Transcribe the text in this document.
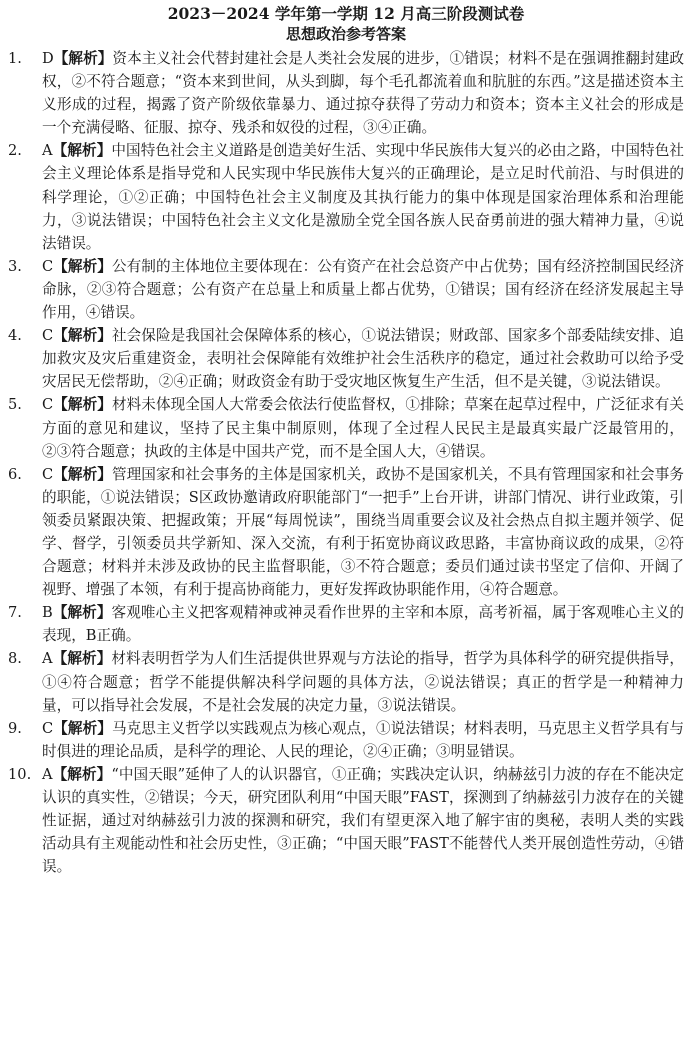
2023－2024 学年第一学期 12 月高三阶段测试卷
思想政治参考答案
1.	D【解析】资本主义社会代替封建社会是人类社会发展的进步，①错误；材料不是在强调推翻封建政权，②不符合题意；“资本来到世间，从头到脚，每个毛孔都流着血和肮脏的东西。”这是描述资本主义形成的过程，揭露了资产阶级依靠暴力、通过掠夺获得了劳动力和资本；资本主义社会的形成是一个充满侵略、征服、掠夺、残杀和奴役的过程，③④正确。
2.	A【解析】中国特色社会主义道路是创造美好生活、实现中华民族伟大复兴的必由之路，中国特色社会主义理论体系是指导党和人民实现中华民族伟大复兴的正确理论，是立足时代前沿、与时俱进的科学理论，①②正确；中国特色社会主义制度及其执行能力的集中体现是国家治理体系和治理能力，③说法错误；中国特色社会主义文化是激励全党全国各族人民奋勇前进的强大精神力量，④说法错误。
3.	C【解析】公有制的主体地位主要体现在：公有资产在社会总资产中占优势；国有经济控制国民经济命脉，②③符合题意；公有资产在总量上和质量上都占优势，①错误；国有经济在经济发展起主导作用，④错误。
4.	C【解析】社会保险是我国社会保障体系的核心，①说法错误；财政部、国家多个部委陆续安排、追加救灾及灾后重建资金，表明社会保障能有效维护社会生活秩序的稳定，通过社会救助可以给予受灾居民无偿帮助，②④正确；财政资金有助于受灾地区恢复生产生活，但不是关键，③说法错误。
5.	C【解析】材料未体现全国人大常委会依法行使监督权，①排除；草案在起草过程中，广泛征求有关方面的意见和建议，坚持了民主集中制原则，体现了全过程人民民主是最真实最广泛最管用的，②③符合题意；执政的主体是中国共产党，而不是全国人大，④错误。
6.	C【解析】管理国家和社会事务的主体是国家机关，政协不是国家机关，不具有管理国家和社会事务的职能，①说法错误；S区政协邀请政府职能部门“一把手”上台开讲，讲部门情况、讲行业政策，引领委员紧跟决策、把握政策；开展“每周悦读”，围绕当周重要会议及社会热点自拟主题并领学、促学、督学，引领委员共学新知、深入交流，有利于拓宽协商议政思路，丰富协商议政的成果，②符合题意；材料并未涉及政协的民主监督职能，③不符合题意；委员们通过读书坚定了信仰、开阔了视野、增强了本领，有利于提高协商能力，更好发挥政协职能作用，④符合题意。
7.	B【解析】客观唯心主义把客观精神或神灵看作世界的主宰和本原，高考祈福，属于客观唯心主义的表现，B正确。
8.	A【解析】材料表明哲学为人们生活提供世界观与方法论的指导，哲学为具体科学的研究提供指导，①④符合题意；哲学不能提供解决科学问题的具体方法，②说法错误；真正的哲学是一种精神力量，可以指导社会发展，不是社会发展的决定力量，③说法错误。
9.	C【解析】马克思主义哲学以实践观点为核心观点，①说法错误；材料表明，马克思主义哲学具有与时俱进的理论品质，是科学的理论、人民的理论，②④正确；③明显错误。
10. A【解析】“中国天眼”延伸了人的认识器官，①正确；实践决定认识，纳赫兹引力波的存在不能决定认识的真实性，②错误；今天，研究团队利用“中国天眼”FAST，探测到了纳赫兹引力波存在的关键性证据，通过对纳赫兹引力波的探测和研究，我们有望更深入地了解宇宙的奥秘，表明人类的实践活动具有主观能动性和社会历史性，③正确；“中国天眼”FAST不能替代人类开展创造性劳动，④错误。
